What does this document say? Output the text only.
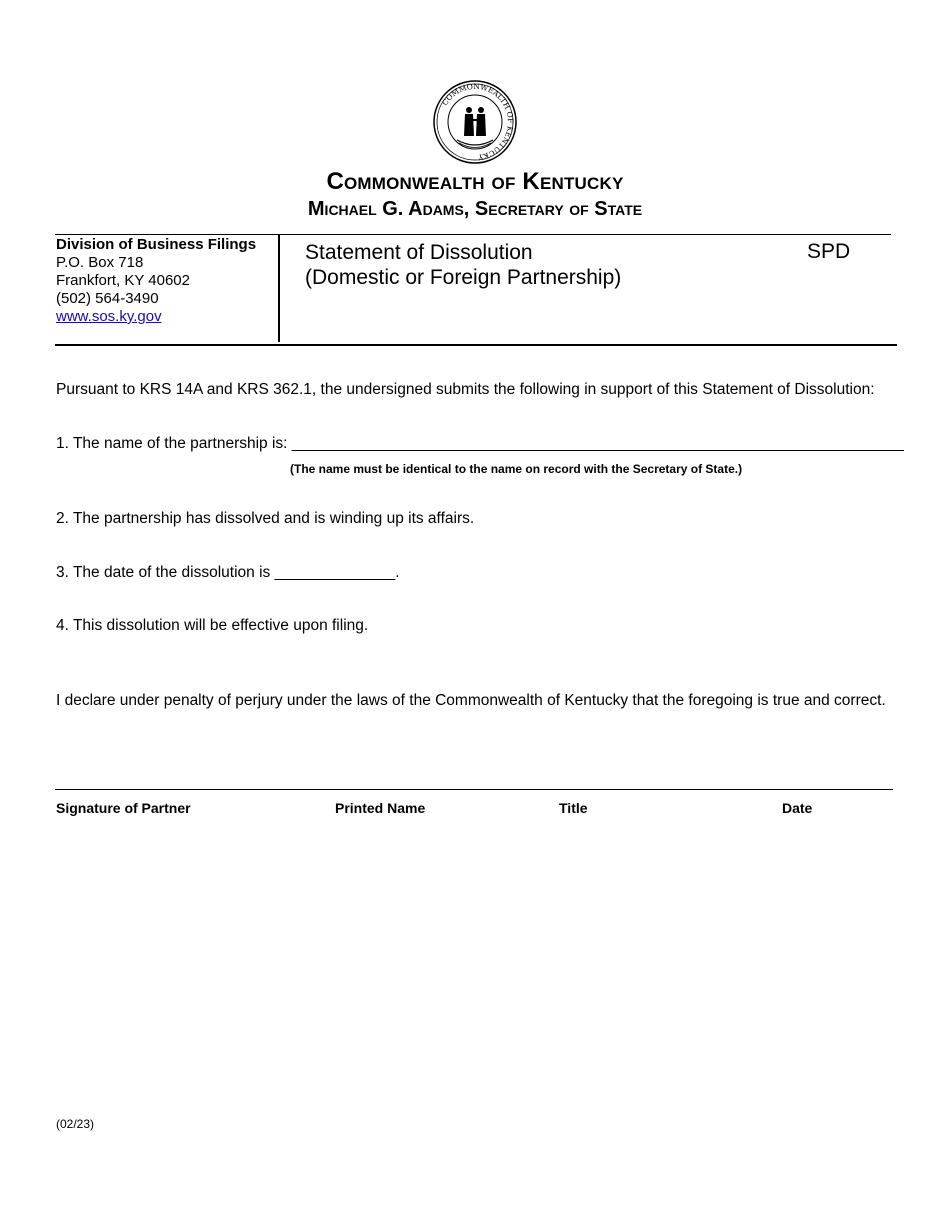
COMMONWEALTH OF KENTUCKY
Commonwealth of Kentucky
Michael G. Adams, Secretary of State
Division of Business Filings
P.O. Box 718
Frankfort, KY 40602
(502) 564-3490
www.sos.ky.gov
Statement of Dissolution
(Domestic or Foreign Partnership)
SPD
Pursuant to KRS 14A and KRS 362.1, the undersigned submits the following in support of this Statement of Dissolution:
1. The name of the partnership is: _______________________________________________________________________
(The name must be identical to the name on record with the Secretary of State.)
2. The partnership has dissolved and is winding up its affairs.
3. The date of the dissolution is ______________.
4. This dissolution will be effective upon filing.
I declare under penalty of perjury under the laws of the Commonwealth of Kentucky that the foregoing is true and correct.
Signature of Partner	Printed Name	Title	Date
(02/23)
